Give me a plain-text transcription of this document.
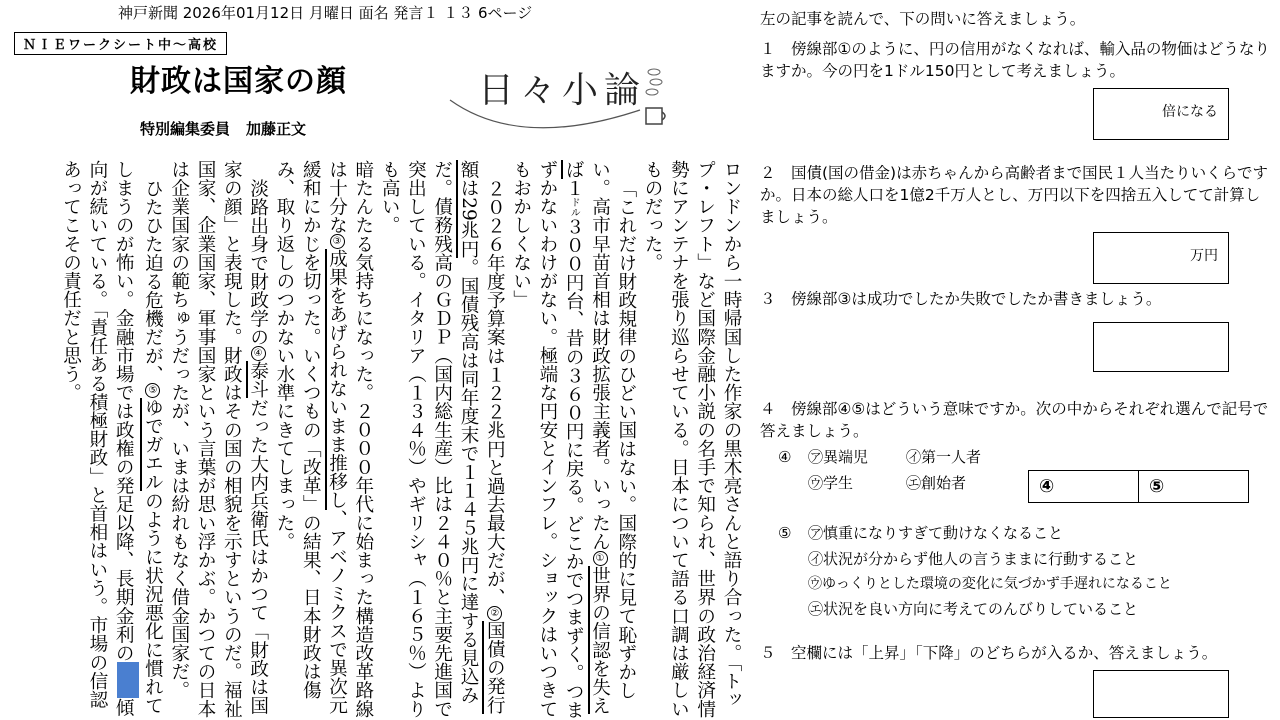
神戸新聞 2026年01月12日 月曜日 面名 発言１ １３ 6ページ
ＮＩＥワークシート中～高校
財政は国家の顔
特別編集委員 加藤正文
日々小論

ロンドンから一時帰国した作家の黒木亮さんと語り合った。「トップ・レフト」など国際金融小説の名手で知られ、世界の政治経済情勢にアンテナを張り巡らせている。日本について語る口調は厳しいものだった。

「これだけ財政規律のひどい国はない。国際的に見て恥ずかしい。高市早苗首相は財政拡張主義者。いったん①世界の信認を失えば１ドル３００円台、昔の３６０円に戻る。どこかでつまずく。つまずかないわけがない。極端な円安とインフレ。ショックはいつきてもおかしくない」

２０２６年度予算案は１２２兆円と過去最大だが、②国債の発行額は29兆円。国債残高は同年度末で１１４５兆円に達する見込みだ。債務残高のＧＤＰ（国内総生産）比は２４０％と主要先進国で突出している。イタリア（１３４％）やギリシャ（１６５％）よりも高い。

暗たんたる気持ちになった。２０００年代に始まった構造改革路線は十分な③成果をあげられないまま推移し、アベノミクスで異次元緩和にかじを切った。いくつもの「改革」の結果、日本財政は傷み、取り返しのつかない水準にきてしまった。

淡路出身で財政学の④泰斗だった大内兵衛氏はかつて「財政は国家の顔」と表現した。財政はその国の相貌を示すというのだ。福祉国家、企業国家、軍事国家という言葉が思い浮かぶ。かつての日本は企業国家の範ちゅうだったが、いまは紛れもなく借金国家だ。

ひたひた迫る危機だが、⑤ゆでガエルのように状況悪化に慣れてしまうのが怖い。金融市場では政権の発足以降、長期金利の傾向が続いている。「責任ある積極財政」と首相はいう。市場の信認あってこその責任だと思う。

左の記事を読んで、下の問いに答えましょう。
１　傍線部①のように、円の信用がなくなれば、輸入品の物価はどうなりますか。今の円を1ドル150円として考えましょう。
倍になる
２　国債(国の借金)は赤ちゃんから高齢者まで国民１人当たりいくらですか。日本の総人口を1億2千万人とし、万円以下を四捨五入してて計算しましょう。
万円
３　傍線部③は成功でしたか失敗でしたか書きましょう。
４　傍線部④⑤はどういう意味ですか。次の中からそれぞれ選んで記号で答えましょう。
④ ㋐異端児	㋑第一人者
㋒学生	㋓創始者	④	⑤
⑤ ㋐慎重になりすぎて動けなくなること
㋑状況が分からず他人の言うままに行動すること
㋒ゆっくりとした環境の変化に気づかず手遅れになること
㋓状況を良い方向に考えてのんびりしていること
５　空欄には「上昇」「下降」のどちらが入るか、答えましょう。
